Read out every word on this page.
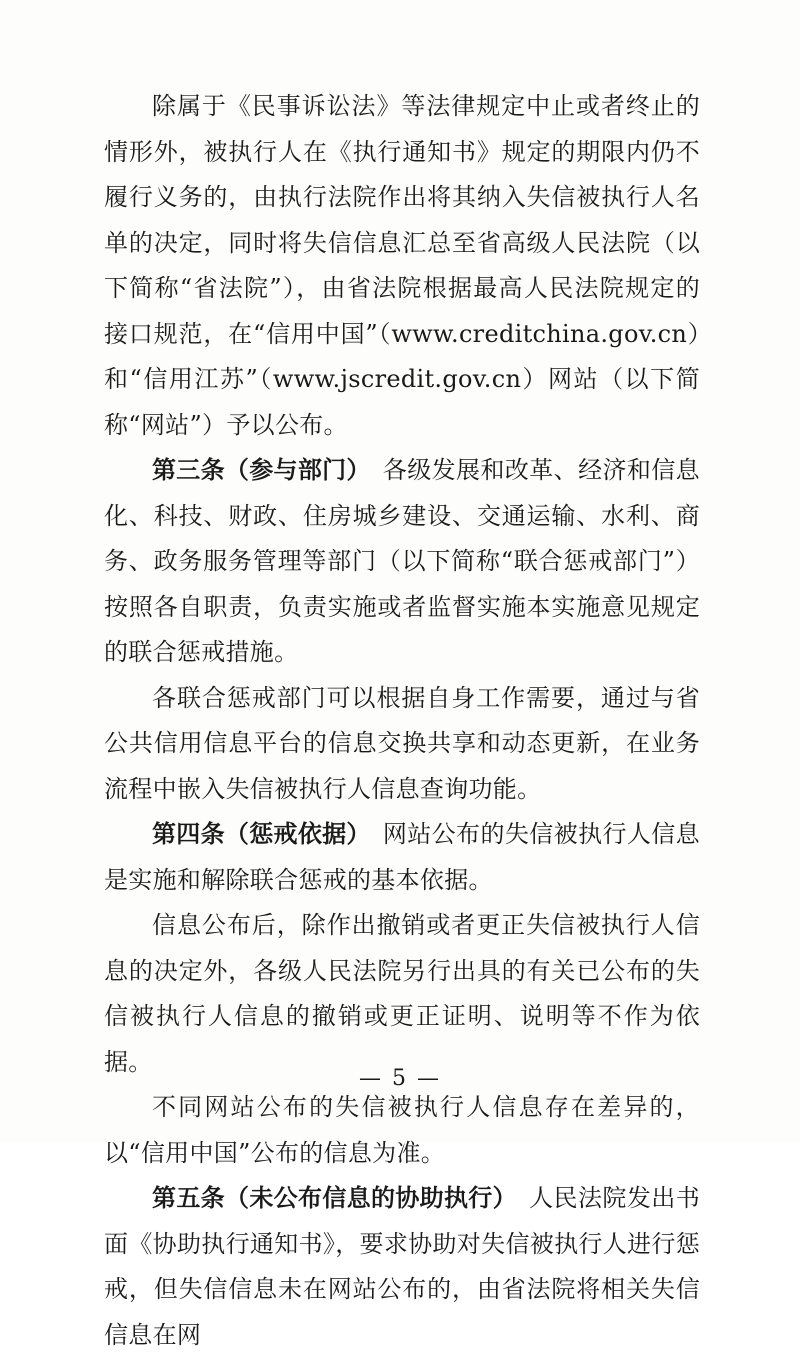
除属于《民事诉讼法》等法律规定中止或者终止的情形外，被执行人在《执行通知书》规定的期限内仍不履行义务的，由执行法院作出将其纳入失信被执行人名单的决定，同时将失信信息汇总至省高级人民法院（以下简称“省法院”），由省法院根据最高人民法院规定的接口规范，在“信用中国”（www.creditchina.gov.cn）和“信用江苏”（www.jscredit.gov.cn）网站（以下简称“网站”）予以公布。

第三条（参与部门） 各级发展和改革、经济和信息化、科技、财政、住房城乡建设、交通运输、水利、商务、政务服务管理等部门（以下简称“联合惩戒部门”）按照各自职责，负责实施或者监督实施本实施意见规定的联合惩戒措施。

各联合惩戒部门可以根据自身工作需要，通过与省公共信用信息平台的信息交换共享和动态更新，在业务流程中嵌入失信被执行人信息查询功能。

第四条（惩戒依据） 网站公布的失信被执行人信息是实施和解除联合惩戒的基本依据。

信息公布后，除作出撤销或者更正失信被执行人信息的决定外，各级人民法院另行出具的有关已公布的失信被执行人信息的撤销或更正证明、说明等不作为依据。

不同网站公布的失信被执行人信息存在差异的，以“信用中国”公布的信息为准。

第五条（未公布信息的协助执行） 人民法院发出书面《协助执行通知书》，要求协助对失信被执行人进行惩戒，但失信信息未在网站公布的，由省法院将相关失信信息在网

— 5 —
